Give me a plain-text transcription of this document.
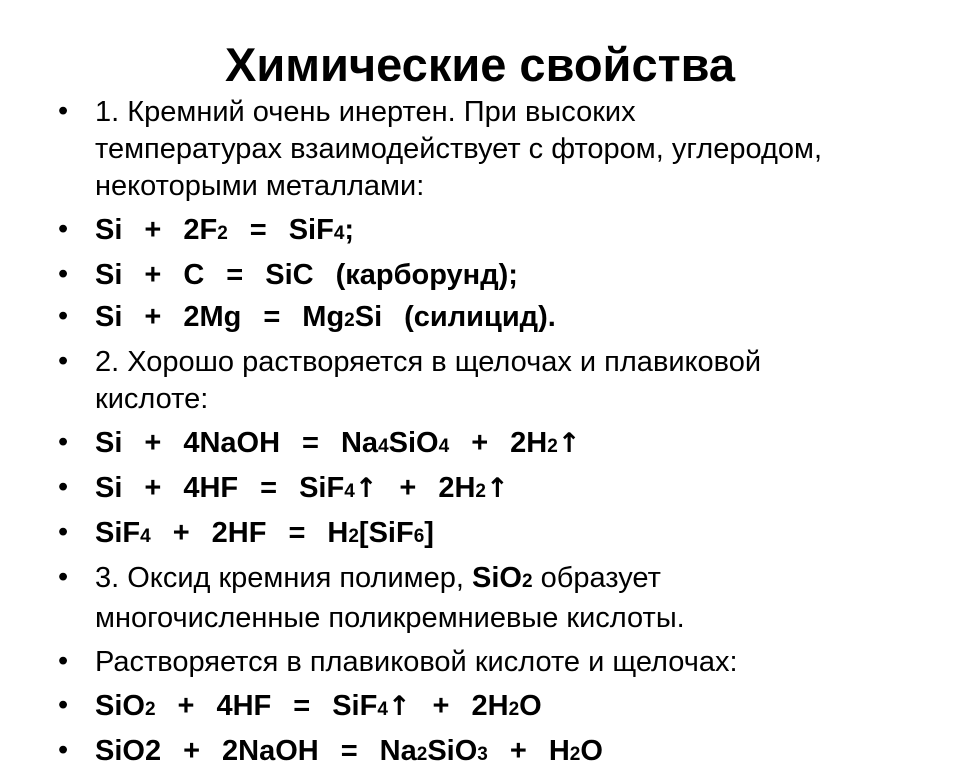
Химические свойства
• 1. Кремний очень инертен. При высоких
температурах взаимодействует с фтором, углеродом,
некоторыми металлами:
• Si + 2F2 = SiF4;
• Si + C = SiC (карборунд);
• Si + 2Mg = Mg2Si (силицид).
• 2. Хорошо растворяется в щелочах и плавиковой
кислоте:
• Si + 4NaOH = Na4SiO4 + 2H2↑
• Si + 4HF = SiF4↑ + 2H2↑
• SiF4 + 2HF = H2[SiF6]
• 3. Оксид кремния полимер, SiO2 образует
многочисленные поликремниевые кислоты.
• Растворяется в плавиковой кислоте и щелочах:
• SiO2 + 4HF = SiF4↑ + 2H2O
• SiO2 + 2NaOH = Na2SiO3 + H2O
